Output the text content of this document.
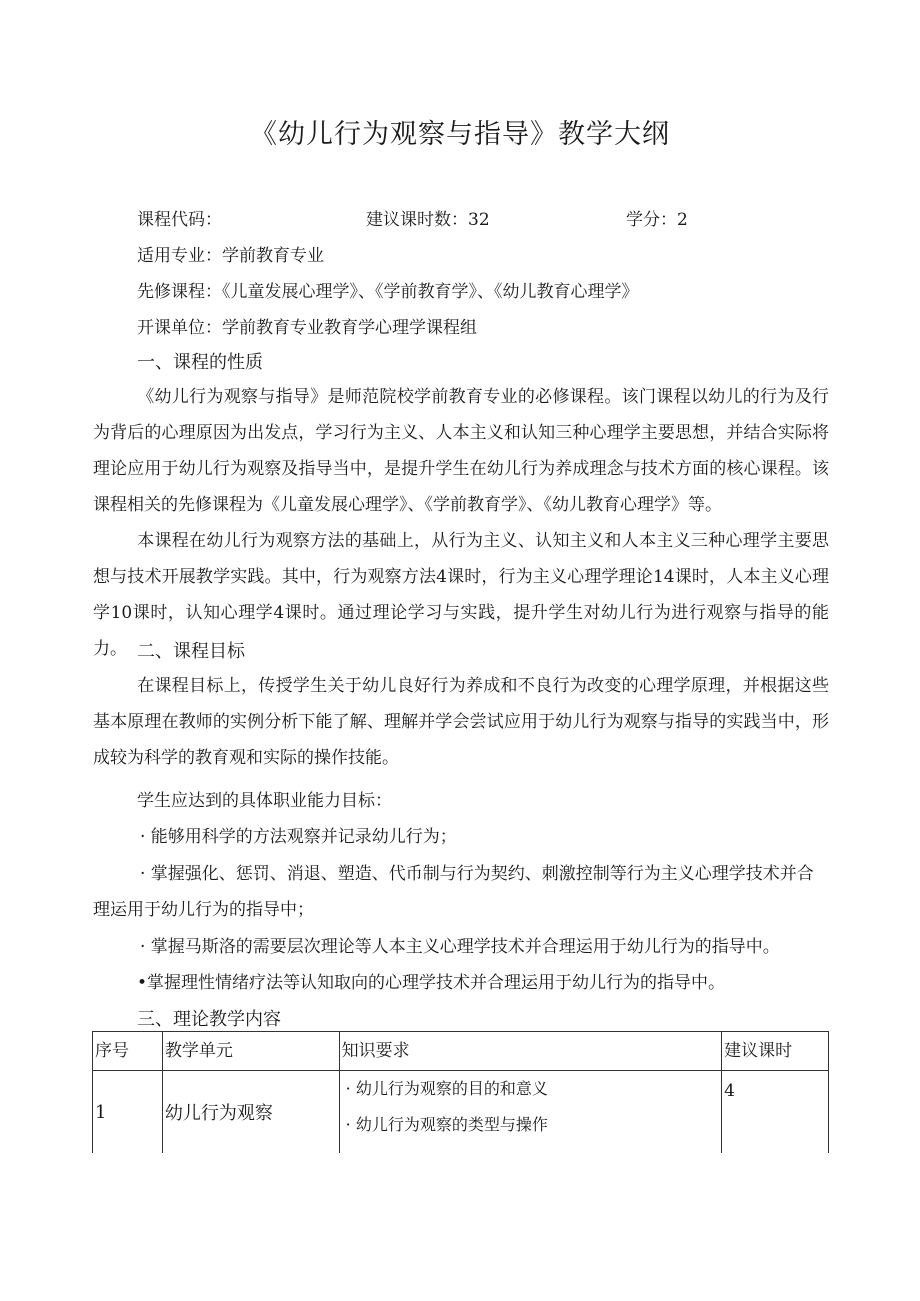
《幼儿行为观察与指导》教学大纲
课程代码：	建议课时数：32	学分：2
适用专业：学前教育专业
先修课程：《儿童发展心理学》、《学前教育学》、《幼儿教育心理学》
开课单位：学前教育专业教育学心理学课程组
一、课程的性质
《幼儿行为观察与指导》是师范院校学前教育专业的必修课程。该门课程以幼儿的行为及行为背后的心理原因为出发点，学习行为主义、人本主义和认知三种心理学主要思想，并结合实际将理论应用于幼儿行为观察及指导当中，是提升学生在幼儿行为养成理念与技术方面的核心课程。该课程相关的先修课程为《儿童发展心理学》、《学前教育学》、《幼儿教育心理学》等。
本课程在幼儿行为观察方法的基础上，从行为主义、认知主义和人本主义三种心理学主要思想与技术开展教学实践。其中，行为观察方法4课时，行为主义心理学理论14课时，人本主义心理学10课时，认知心理学4课时。通过理论学习与实践，提升学生对幼儿行为进行观察与指导的能力。 二、课程目标
在课程目标上，传授学生关于幼儿良好行为养成和不良行为改变的心理学原理，并根据这些基本原理在教师的实例分析下能了解、理解并学会尝试应用于幼儿行为观察与指导的实践当中，形成较为科学的教育观和实际的操作技能。
学生应达到的具体职业能力目标：
· 能够用科学的方法观察并记录幼儿行为；
· 掌握强化、惩罚、消退、塑造、代币制与行为契约、刺激控制等行为主义心理学技术并合
理运用于幼儿行为的指导中；
· 掌握马斯洛的需要层次理论等人本主义心理学技术并合理运用于幼儿行为的指导中。
•掌握理性情绪疗法等认知取向的心理学技术并合理运用于幼儿行为的指导中。
三、理论教学内容
序号	教学单元	知识要求	建议课时
1	幼儿行为观察	· 幼儿行为观察的目的和意义
· 幼儿行为观察的类型与操作	4
